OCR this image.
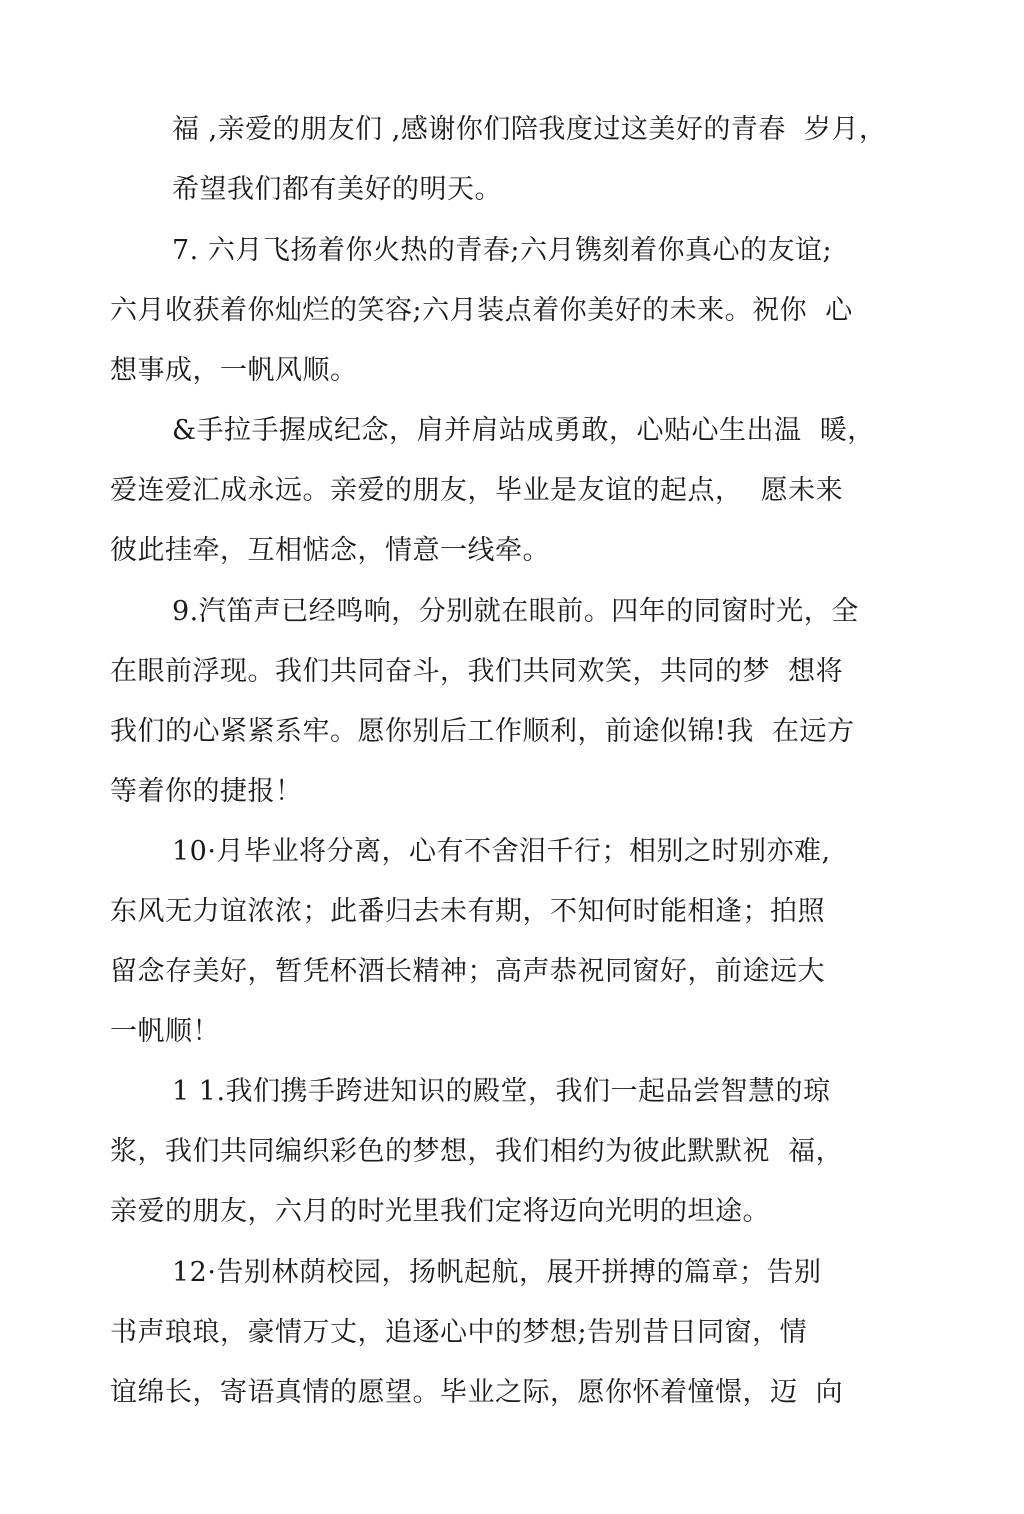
福 ,亲爱的朋友们 ,感谢你们陪我度过这美好的青春  岁月，
希望我们都有美好的明天。
7. 六月飞扬着你火热的青春;六月镌刻着你真心的友谊;
六月收获着你灿烂的笑容;六月装点着你美好的未来。祝你  心
想事成，一帆风顺。
&手拉手握成纪念，肩并肩站成勇敢，心贴心生出温  暖，
爱连爱汇成永远。亲爱的朋友，毕业是友谊的起点，  愿未来
彼此挂牵，互相惦念，情意一线牵。
9.汽笛声已经鸣响，分别就在眼前。四年的同窗时光，全
在眼前浮现。我们共同奋斗，我们共同欢笑，共同的梦  想将
我们的心紧紧系牢。愿你别后工作顺利，前途似锦!我  在远方
等着你的捷报！
10·月毕业将分离，心有不舍泪千行；相别之时别亦难,
东风无力谊浓浓；此番归去未有期，不知何时能相逢；拍照
留念存美好，暂凭杯酒长精神；高声恭祝同窗好，前途远大
一帆顺！
1 1.我们携手跨进知识的殿堂，我们一起品尝智慧的琼
浆，我们共同编织彩色的梦想，我们相约为彼此默默祝  福，
亲爱的朋友，六月的时光里我们定将迈向光明的坦途。
12·告别林荫校园，扬帆起航，展开拼搏的篇章；告别
书声琅琅，豪情万丈，追逐心中的梦想;告别昔日同窗，情
谊绵长，寄语真情的愿望。毕业之际，愿你怀着憧憬，迈  向
